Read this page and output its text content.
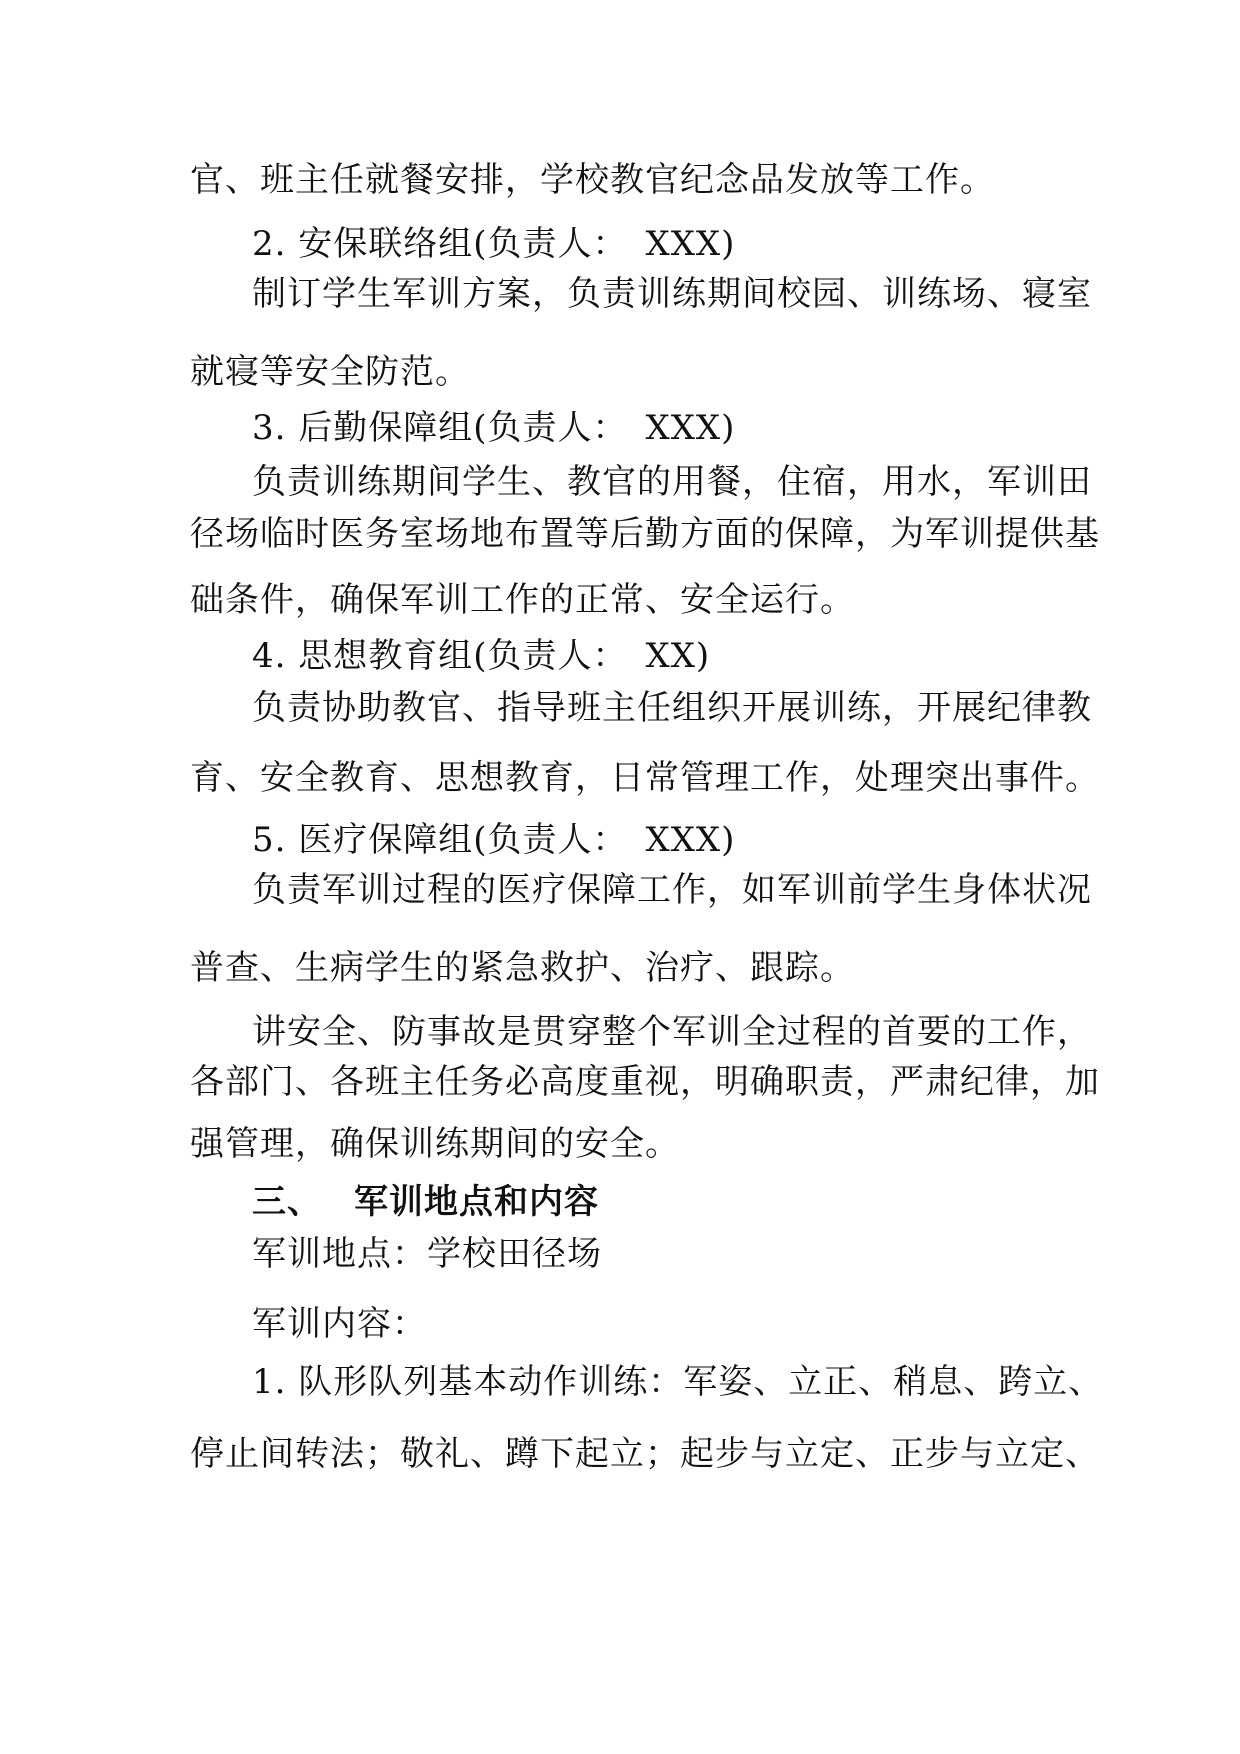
官、班主任就餐安排，学校教官纪念品发放等工作。
2. 安保联络组(负责人：　XXX)
制订学生军训方案，负责训练期间校园、训练场、寝室
就寝等安全防范。
3. 后勤保障组(负责人：　XXX)
负责训练期间学生、教官的用餐，住宿，用水，军训田
径场临时医务室场地布置等后勤方面的保障，为军训提供基
础条件，确保军训工作的正常、安全运行。
4. 思想教育组(负责人：　XX)
负责协助教官、指导班主任组织开展训练，开展纪律教
育、安全教育、思想教育，日常管理工作，处理突出事件。
5. 医疗保障组(负责人：　XXX)
负责军训过程的医疗保障工作，如军训前学生身体状况
普查、生病学生的紧急救护、治疗、跟踪。
讲安全、防事故是贯穿整个军训全过程的首要的工作，
各部门、各班主任务必高度重视，明确职责，严肃纪律，加
强管理，确保训练期间的安全。
三、 军训地点和内容
军训地点：学校田径场
军训内容：
1. 队形队列基本动作训练：军姿、立正、稍息、跨立、
停止间转法；敬礼、蹲下起立；起步与立定、正步与立定、
